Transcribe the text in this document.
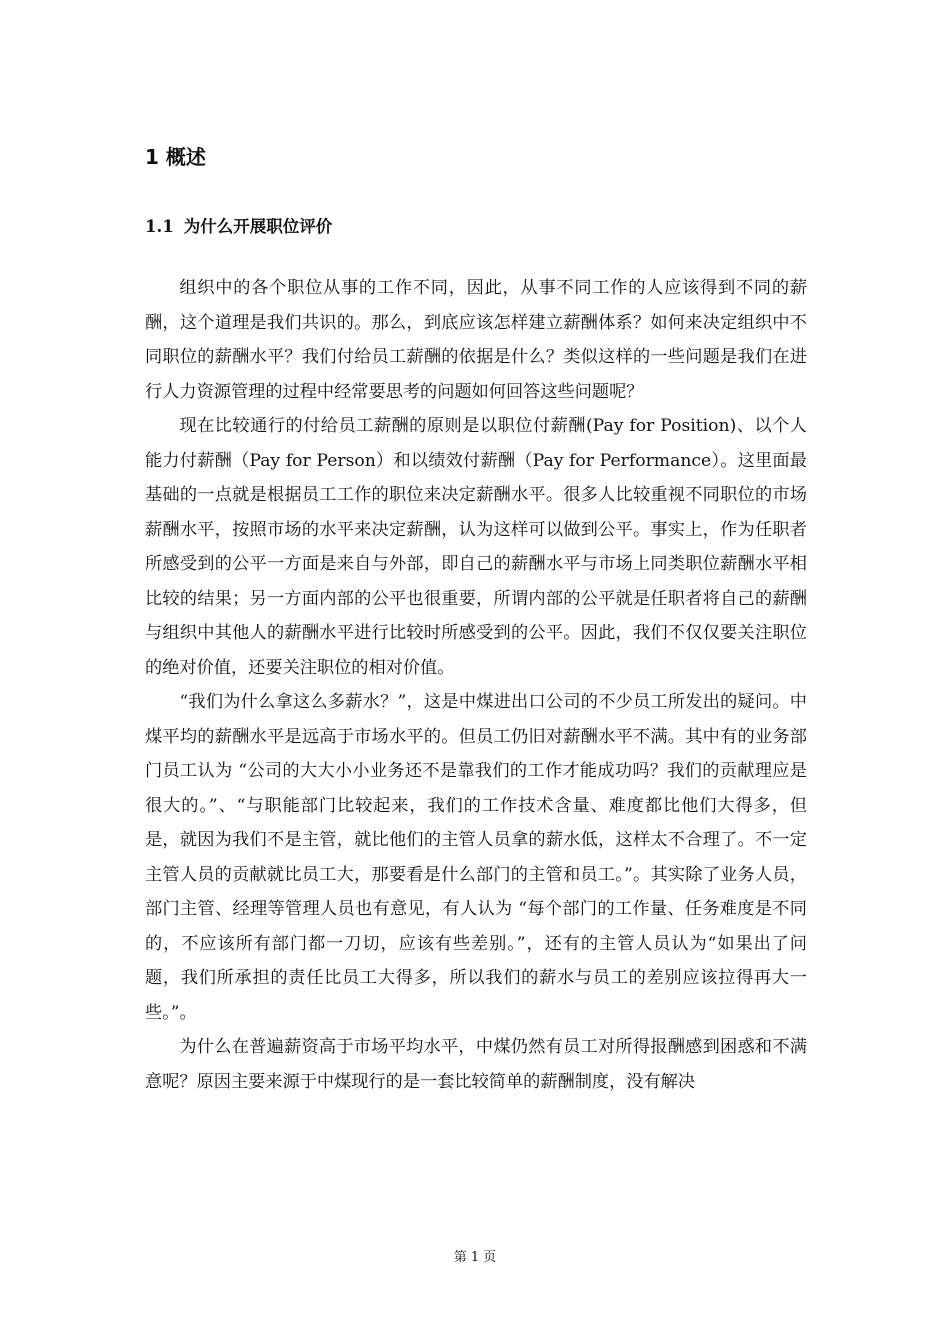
1 概述
1.1 为什么开展职位评价

组织中的各个职位从事的工作不同，因此，从事不同工作的人应该得到不同的薪酬，这个道理是我们共识的。那么，到底应该怎样建立薪酬体系？如何来决定组织中不同职位的薪酬水平？我们付给员工薪酬的依据是什么？类似这样的一些问题是我们在进行人力资源管理的过程中经常要思考的问题如何回答这些问题呢？

现在比较通行的付给员工薪酬的原则是以职位付薪酬(Pay for Position)、以个人能力付薪酬（Pay for Person）和以绩效付薪酬（Pay for Performance）。这里面最基础的一点就是根据员工工作的职位来决定薪酬水平。很多人比较重视不同职位的市场薪酬水平，按照市场的水平来决定薪酬，认为这样可以做到公平。事实上，作为任职者所感受到的公平一方面是来自与外部，即自己的薪酬水平与市场上同类职位薪酬水平相比较的结果；另一方面内部的公平也很重要，所谓内部的公平就是任职者将自己的薪酬与组织中其他人的薪酬水平进行比较时所感受到的公平。因此，我们不仅仅要关注职位的绝对价值，还要关注职位的相对价值。

“我们为什么拿这么多薪水？”，这是中煤进出口公司的不少员工所发出的疑问。中煤平均的薪酬水平是远高于市场水平的。但员工仍旧对薪酬水平不满。其中有的业务部门员工认为 “公司的大大小小业务还不是靠我们的工作才能成功吗？我们的贡献理应是很大的。”、“与职能部门比较起来，我们的工作技术含量、难度都比他们大得多，但是，就因为我们不是主管，就比他们的主管人员拿的薪水低，这样太不合理了。不一定主管人员的贡献就比员工大，那要看是什么部门的主管和员工。”。其实除了业务人员，部门主管、经理等管理人员也有意见，有人认为 “每个部门的工作量、任务难度是不同的，不应该所有部门都一刀切，应该有些差别。”，还有的主管人员认为“如果出了问题，我们所承担的责任比员工大得多，所以我们的薪水与员工的差别应该拉得再大一些。”。

为什么在普遍薪资高于市场平均水平，中煤仍然有员工对所得报酬感到困惑和不满意呢？原因主要来源于中煤现行的是一套比较简单的薪酬制度，没有解决

第 1 页
